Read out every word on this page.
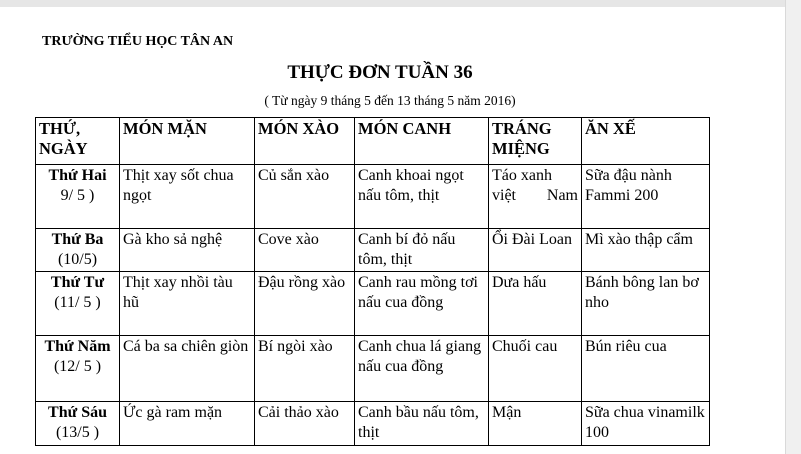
TRƯỜNG TIỂU HỌC TÂN AN
THỰC ĐƠN TUẦN 36
( Từ ngày 9 tháng 5 đến 13 tháng 5 năm 2016)
THỨ, NGÀY	MÓN MẶN	MÓN XÀO	MÓN CANH	TRÁNG MIỆNG	ĂN XẾ

Thứ Hai
9/ 5 )	Thịt xay sốt chua ngọt	Củ sắn xào	Canh khoai ngọt nấu tôm, thịt	Táo xanh việt Nam	Sữa đậu nành Fammi 200

Thứ Ba
(10/5)	Gà kho sả nghệ	Cove xào	Canh bí đỏ nấu tôm, thịt	Ổi Đài Loan	Mì xào thập cẩm

Thứ Tư
(11/ 5 )	Thịt xay nhồi tàu hũ	Đậu rồng xào	Canh rau mồng tơi nấu cua đồng	Dưa hấu	Bánh bông lan bơ nho

Thứ Năm
(12/ 5 )	Cá ba sa chiên giòn	Bí ngòi xào	Canh chua lá giang nấu cua đồng	Chuối cau	Bún riêu cua

Thứ Sáu
(13/5 )	Ức gà ram mặn	Cải thảo xào	Canh bầu nấu tôm, thịt	Mận	Sữa chua vinamilk 100
